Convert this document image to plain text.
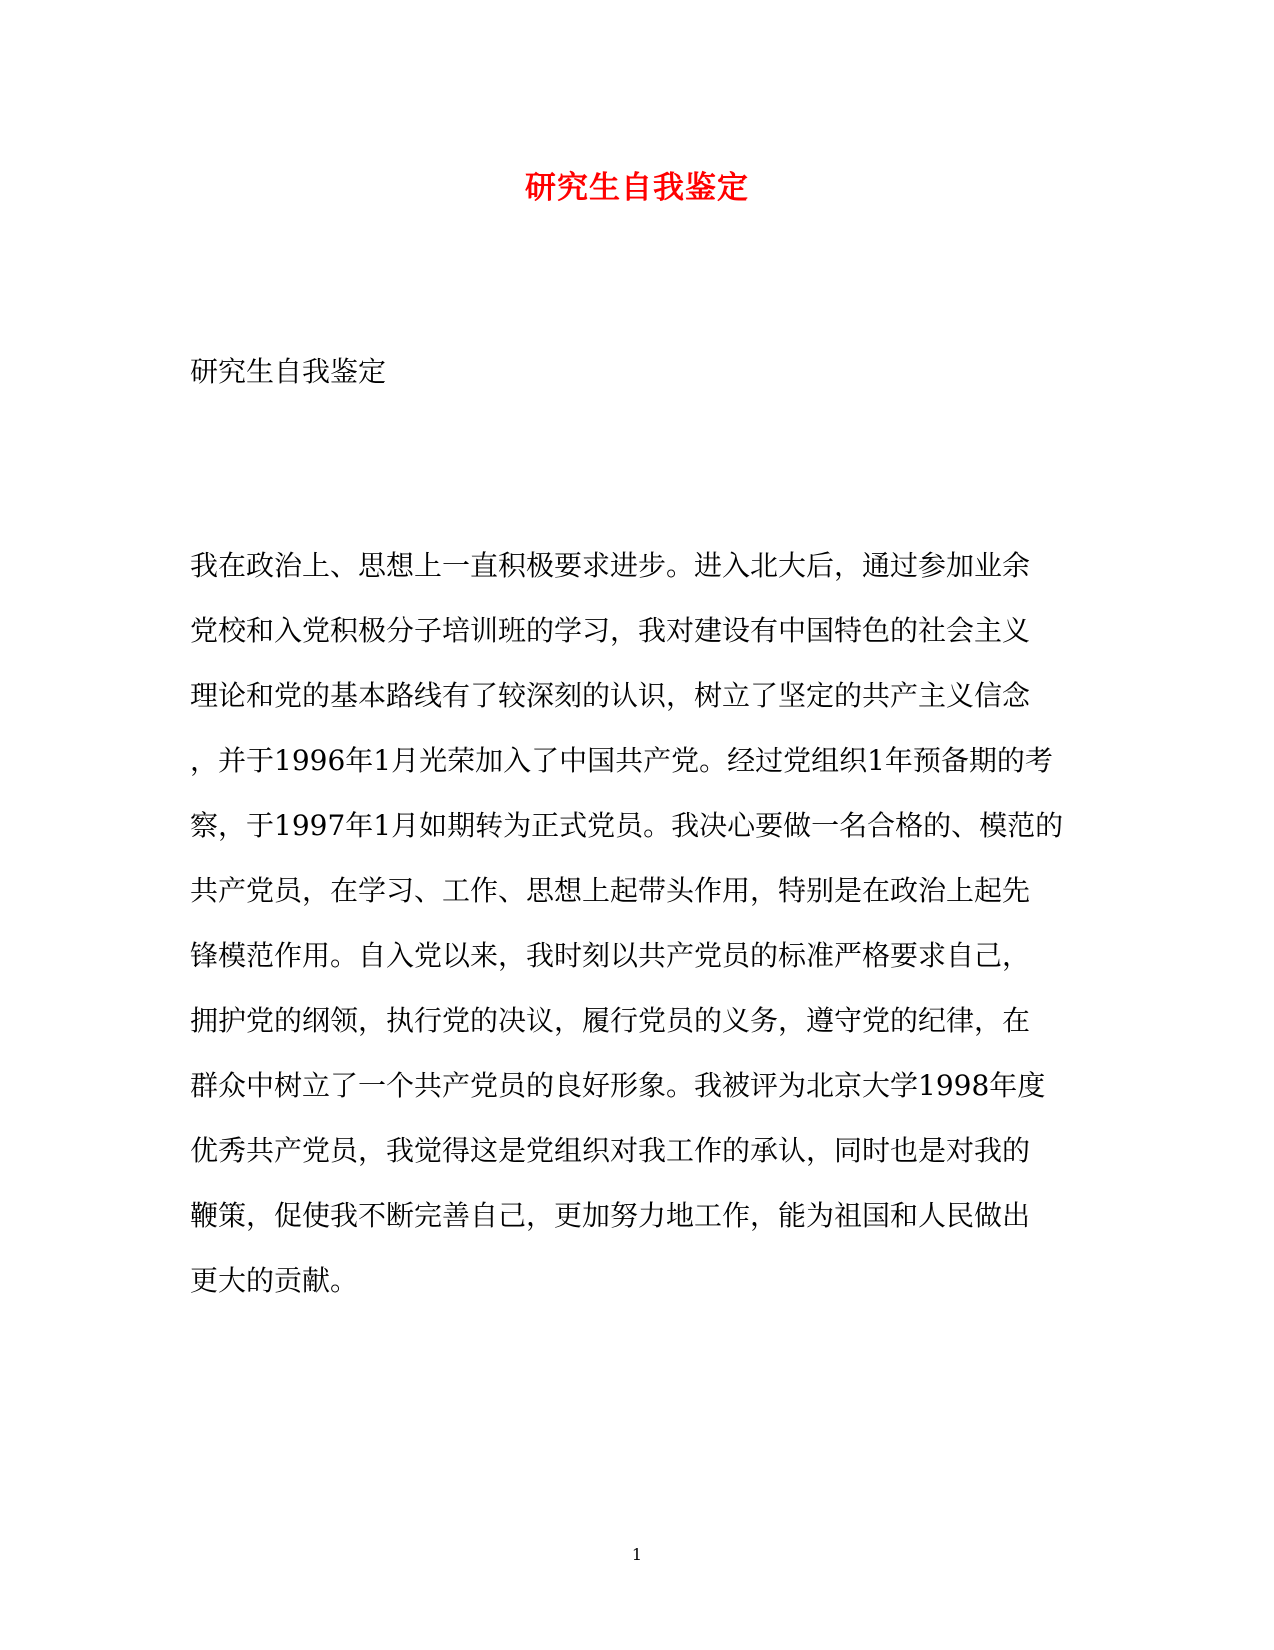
研究生自我鉴定
研究生自我鉴定
我在政治上、思想上一直积极要求进步。进入北大后，通过参加业余
党校和入党积极分子培训班的学习，我对建设有中国特色的社会主义
理论和党的基本路线有了较深刻的认识，树立了坚定的共产主义信念
，并于1996年1月光荣加入了中国共产党。经过党组织1年预备期的考
察，于1997年1月如期转为正式党员。我决心要做一名合格的、模范的
共产党员，在学习、工作、思想上起带头作用，特别是在政治上起先
锋模范作用。自入党以来，我时刻以共产党员的标准严格要求自己，
拥护党的纲领，执行党的决议，履行党员的义务，遵守党的纪律，在
群众中树立了一个共产党员的良好形象。我被评为北京大学1998年度
优秀共产党员，我觉得这是党组织对我工作的承认，同时也是对我的
鞭策，促使我不断完善自己，更加努力地工作，能为祖国和人民做出
更大的贡献。
1
